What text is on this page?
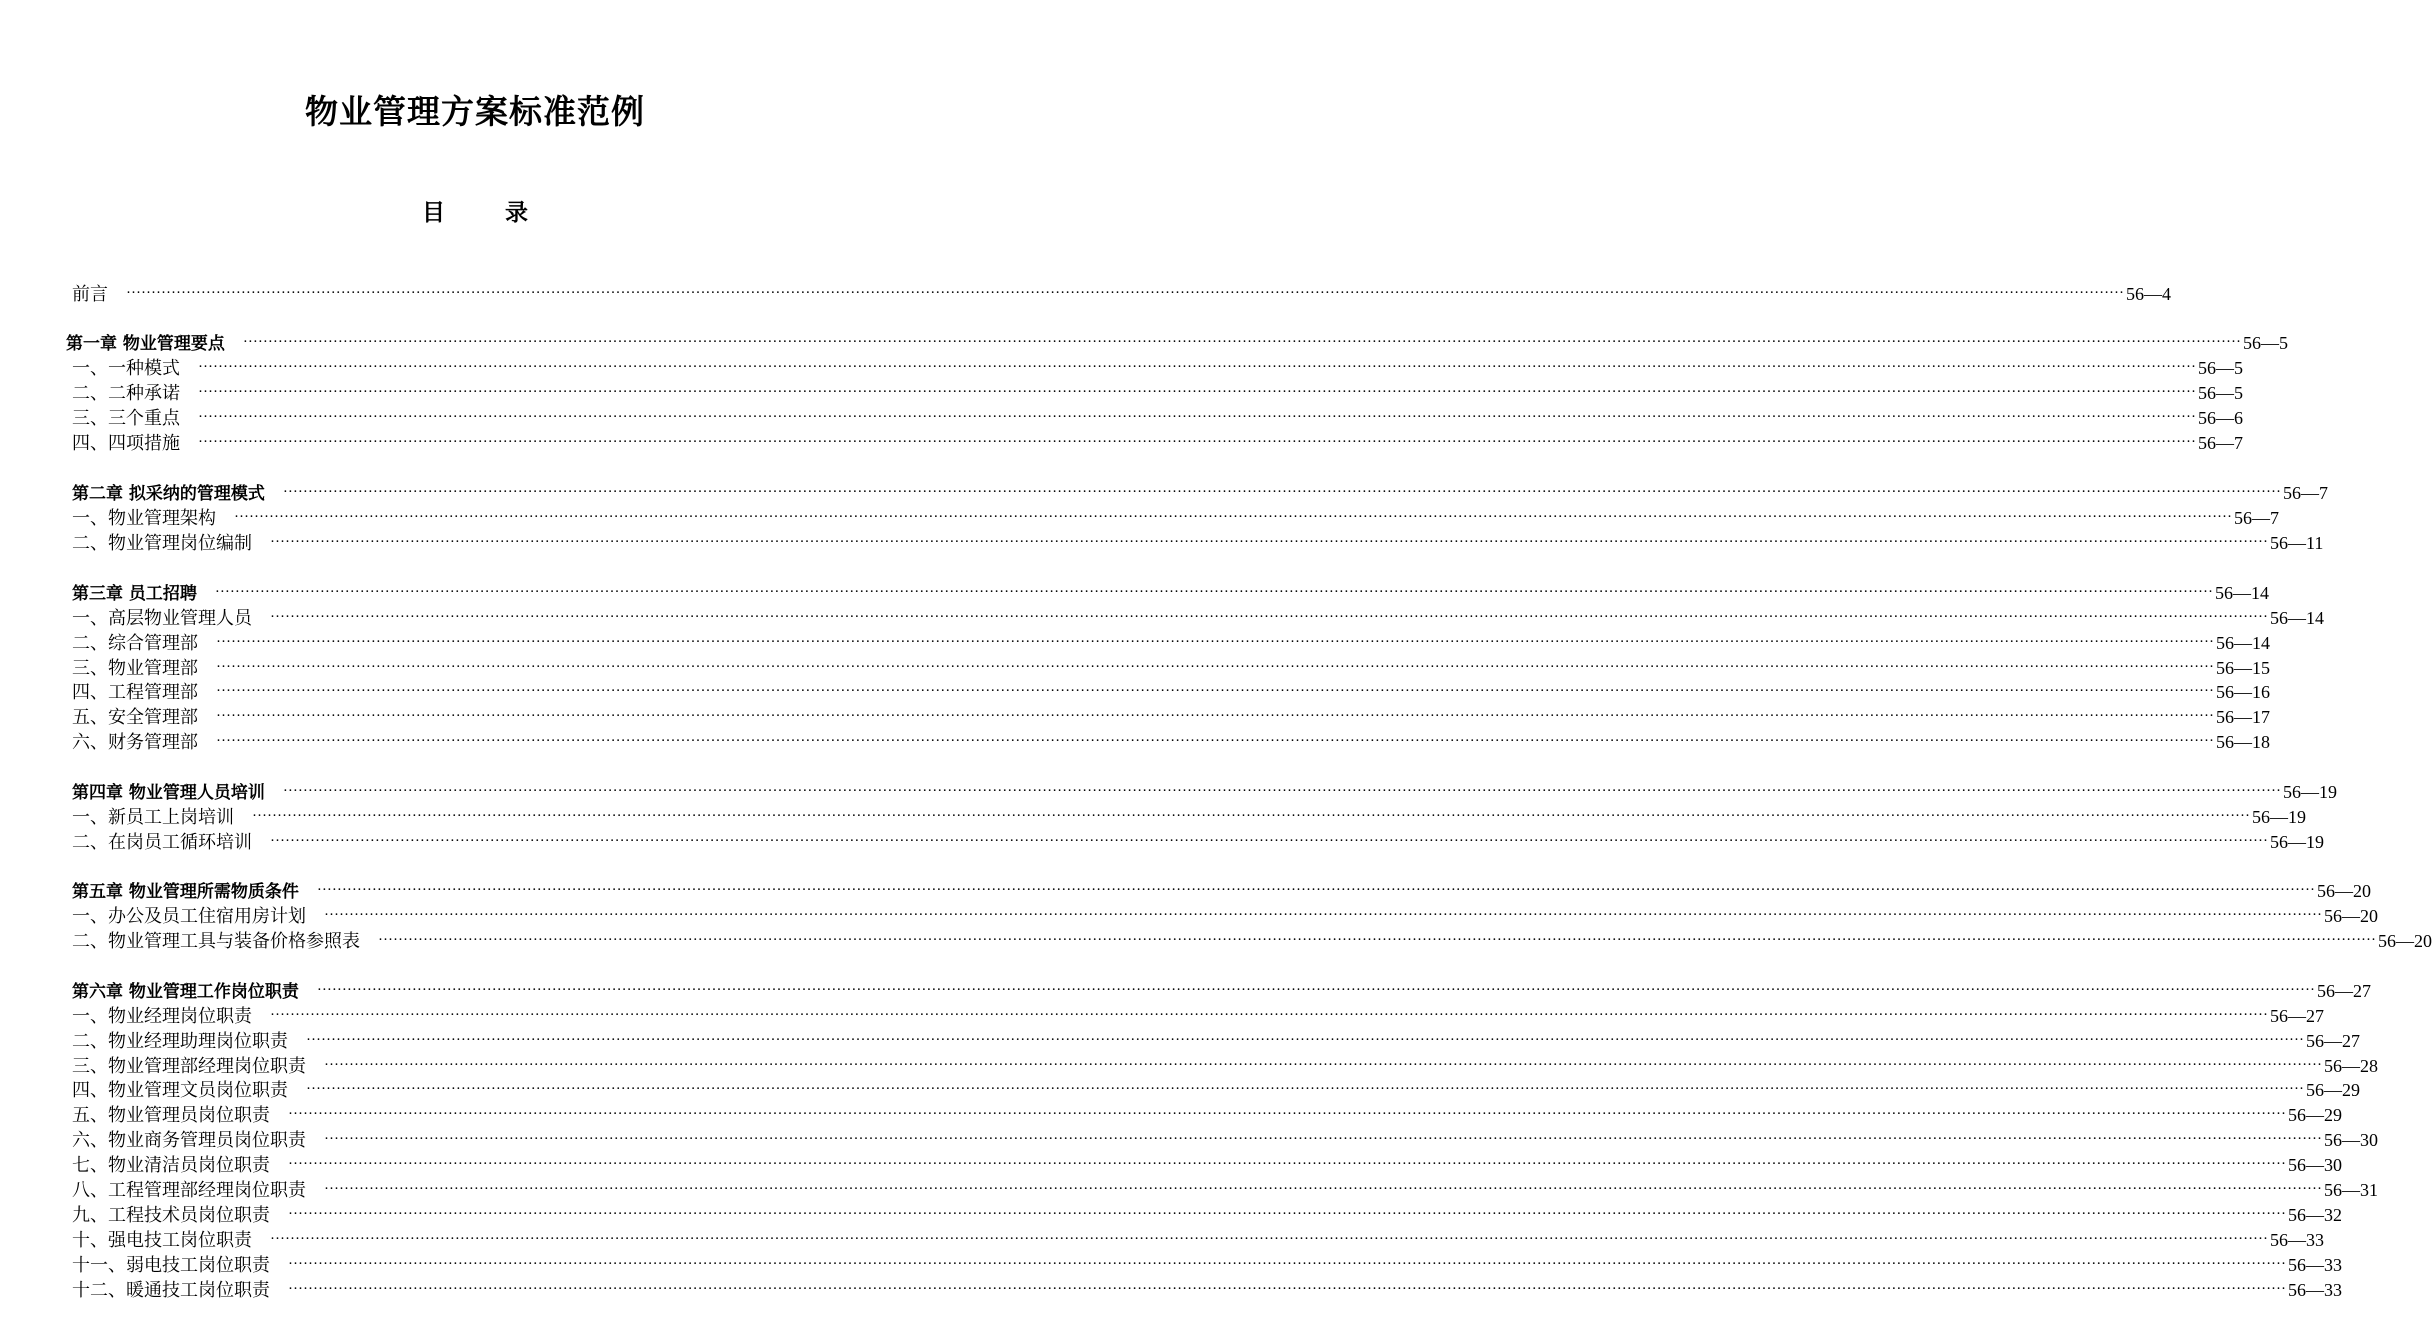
物业管理方案标准范例
目	录
前言 ················································································································································································································································································································································································································ 56—4
第一章 物业管理要点 ················································································································································································································································································································································································································ 56—5
一、一种模式 ················································································································································································································································································································································································································ 56—5
二、二种承诺 ················································································································································································································································································································································································································ 56—5
三、三个重点 ················································································································································································································································································································································································································ 56—6
四、四项措施 ················································································································································································································································································································································································································ 56—7
第二章 拟采纳的管理模式 ················································································································································································································································································································································································································ 56—7
一、物业管理架构 ················································································································································································································································································································································································································ 56—7
二、物业管理岗位编制 ················································································································································································································································································································································································································ 56—11
第三章 员工招聘 ················································································································································································································································································································································································································ 56—14
一、高层物业管理人员 ················································································································································································································································································································································································································ 56—14
二、综合管理部 ················································································································································································································································································································································································································ 56—14
三、物业管理部 ················································································································································································································································································································································································································ 56—15
四、工程管理部 ················································································································································································································································································································································································································ 56—16
五、安全管理部 ················································································································································································································································································································································································································ 56—17
六、财务管理部 ················································································································································································································································································································································································································ 56—18
第四章 物业管理人员培训 ················································································································································································································································································································································································································ 56—19
一、新员工上岗培训 ················································································································································································································································································································································································································ 56—19
二、在岗员工循环培训 ················································································································································································································································································································································································································ 56—19
第五章 物业管理所需物质条件 ················································································································································································································································································································································································································ 56—20
一、办公及员工住宿用房计划 ················································································································································································································································································································································································································ 56—20
二、物业管理工具与装备价格参照表 ················································································································································································································································································································································································································ 56—20
第六章 物业管理工作岗位职责 ················································································································································································································································································································································································································ 56—27
一、物业经理岗位职责 ················································································································································································································································································································································································································ 56—27
二、物业经理助理岗位职责 ················································································································································································································································································································································································································ 56—27
三、物业管理部经理岗位职责 ················································································································································································································································································································································································································ 56—28
四、物业管理文员岗位职责 ················································································································································································································································································································································································································ 56—29
五、物业管理员岗位职责 ················································································································································································································································································································································································································ 56—29
六、物业商务管理员岗位职责 ················································································································································································································································································································································································································ 56—30
七、物业清洁员岗位职责 ················································································································································································································································································································································································································ 56—30
八、工程管理部经理岗位职责 ················································································································································································································································································································································································································ 56—31
九、工程技术员岗位职责 ················································································································································································································································································································································································································ 56—32
十、强电技工岗位职责 ················································································································································································································································································································································································································ 56—33
十一、弱电技工岗位职责 ················································································································································································································································································································································································································ 56—33
十二、暖通技工岗位职责 ················································································································································································································································································································································································································ 56—33
